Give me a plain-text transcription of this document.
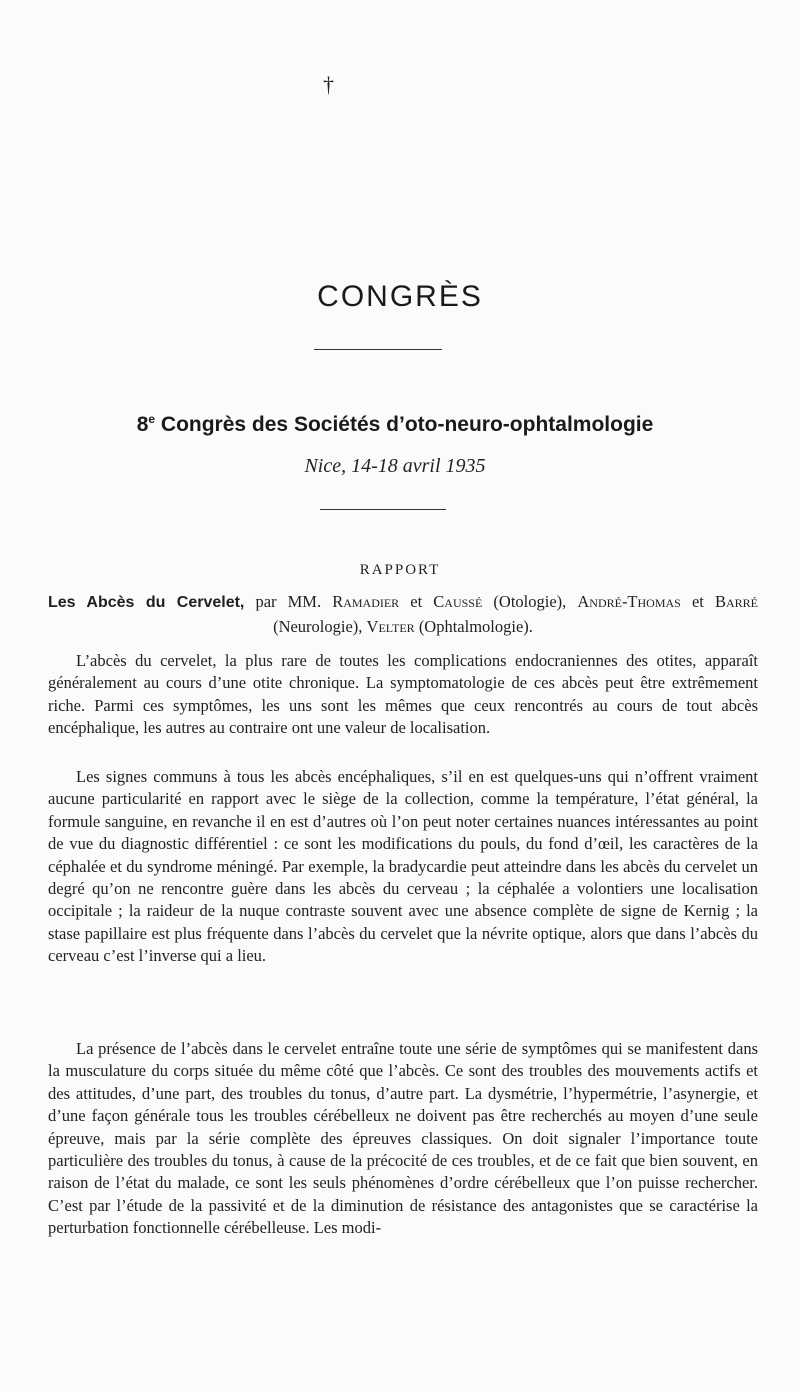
†
CONGRÈS
8e Congrès des Sociétés d’oto-neuro-ophtalmologie
Nice, 14-18 avril 1935
RAPPORT

Les Abcès du Cervelet, par MM. Ramadier et Caussé (Otologie), André-Thomas et Barré (Neurologie), Velter (Ophtalmologie).

L’abcès du cervelet, la plus rare de toutes les complications endocraniennes des otites, apparaît généralement au cours d’une otite chronique. La symptomatologie de ces abcès peut être extrêmement riche. Parmi ces symptômes, les uns sont les mêmes que ceux rencontrés au cours de tout abcès encéphalique, les autres au contraire ont une valeur de localisation.

Les signes communs à tous les abcès encéphaliques, s’il en est quelques-uns qui n’offrent vraiment aucune particularité en rapport avec le siège de la collection, comme la température, l’état général, la formule sanguine, en revanche il en est d’autres où l’on peut noter certaines nuances intéressantes au point de vue du diagnostic différentiel : ce sont les modifications du pouls, du fond d’œil, les caractères de la céphalée et du syndrome méningé. Par exemple, la bradycardie peut atteindre dans les abcès du cervelet un degré qu’on ne rencontre guère dans les abcès du cerveau ; la céphalée a volontiers une localisation occipitale ; la raideur de la nuque contraste souvent avec une absence complète de signe de Kernig ; la stase papillaire est plus fréquente dans l’abcès du cervelet que la névrite optique, alors que dans l’abcès du cerveau c’est l’inverse qui a lieu.

La présence de l’abcès dans le cervelet entraîne toute une série de symptômes qui se manifestent dans la musculature du corps située du même côté que l’abcès. Ce sont des troubles des mouvements actifs et des attitudes, d’une part, des troubles du tonus, d’autre part. La dysmétrie, l’hypermétrie, l’asynergie, et d’une façon générale tous les troubles cérébelleux ne doivent pas être recherchés au moyen d’une seule épreuve, mais par la série complète des épreuves classiques. On doit signaler l’importance toute particulière des troubles du tonus, à cause de la précocité de ces troubles, et de ce fait que bien souvent, en raison de l’état du malade, ce sont les seuls phénomènes d’ordre cérébelleux que l’on puisse rechercher. C’est par l’étude de la passivité et de la diminution de résistance des antagonistes que se caractérise la perturbation fonctionnelle cérébelleuse. Les modi-
